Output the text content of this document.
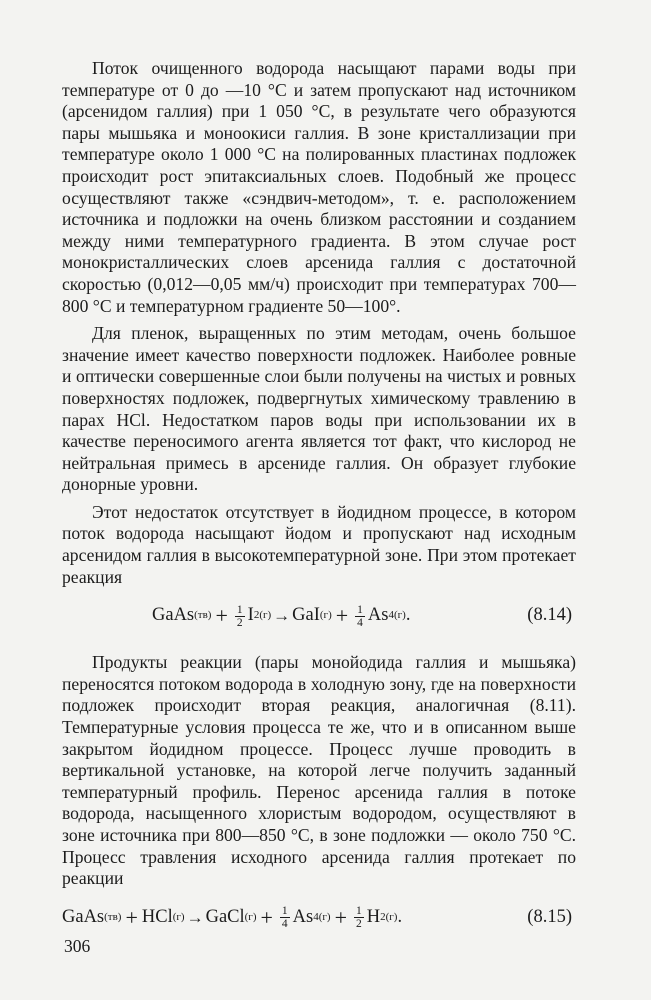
Поток очищенного водорода насыщают парами воды при температуре от 0 до —10 °С и затем пропускают над источником (арсенидом галлия) при 1 050 °С, в результате чего образуются пары мышьяка и моноокиси галлия. В зоне кристаллизации при температуре около 1 000 °С на полированных пластинах подложек происходит рост эпитаксиальных слоев. Подобный же процесс осуществляют также «сэндвич-методом», т. е. расположением источника и подложки на очень близком расстоянии и созданием между ними температурного градиента. В этом случае рост монокристаллических слоев арсенида галлия с достаточной скоростью (0,012—0,05 мм/ч) происходит при температурах 700—800 °С и температурном градиенте 50—100°.

Для пленок, выращенных по этим методам, очень большое значение имеет качество поверхности подложек. Наиболее ровные и оптически совершенные слои были получены на чистых и ровных поверхностях подложек, подвергнутых химическому травлению в парах HCl. Недостатком паров воды при использовании их в качестве переносимого агента является тот факт, что кислород не нейтральная примесь в арсениде галлия. Он образует глубокие донорные уровни.

Этот недостаток отсутствует в йодидном процессе, в котором поток водорода насыщают йодом и пропускают над исходным арсенидом галлия в высокотемпературной зоне. При этом протекает реакция

GaAs $(тв) + \frac{1}{2}$ I 2(г) → GaI $(г) + \frac{1}{4}$ As 4(г) .	(8.14)

Продукты реакции (пары монойодида галлия и мышьяка) переносятся потоком водорода в холодную зону, где на поверхности подложек происходит вторая реакция, аналогичная (8.11). Температурные условия процесса те же, что и в описанном выше закрытом йодидном процессе. Процесс лучше проводить в вертикальной установке, на которой легче получить заданный температурный профиль. Перенос арсенида галлия в потоке водорода, насыщенного хлористым водородом, осуществляют в зоне источника при 800—850 °С, в зоне подложки — около 750 °С. Процесс травления исходного арсенида галлия протекает по реакции

GaAs (тв) + HCl (г) → GaCl $(г) + \frac{1}{4}$ As $4(г) + \frac{1}{2}$ H 2(г) .	(8.15)
306
